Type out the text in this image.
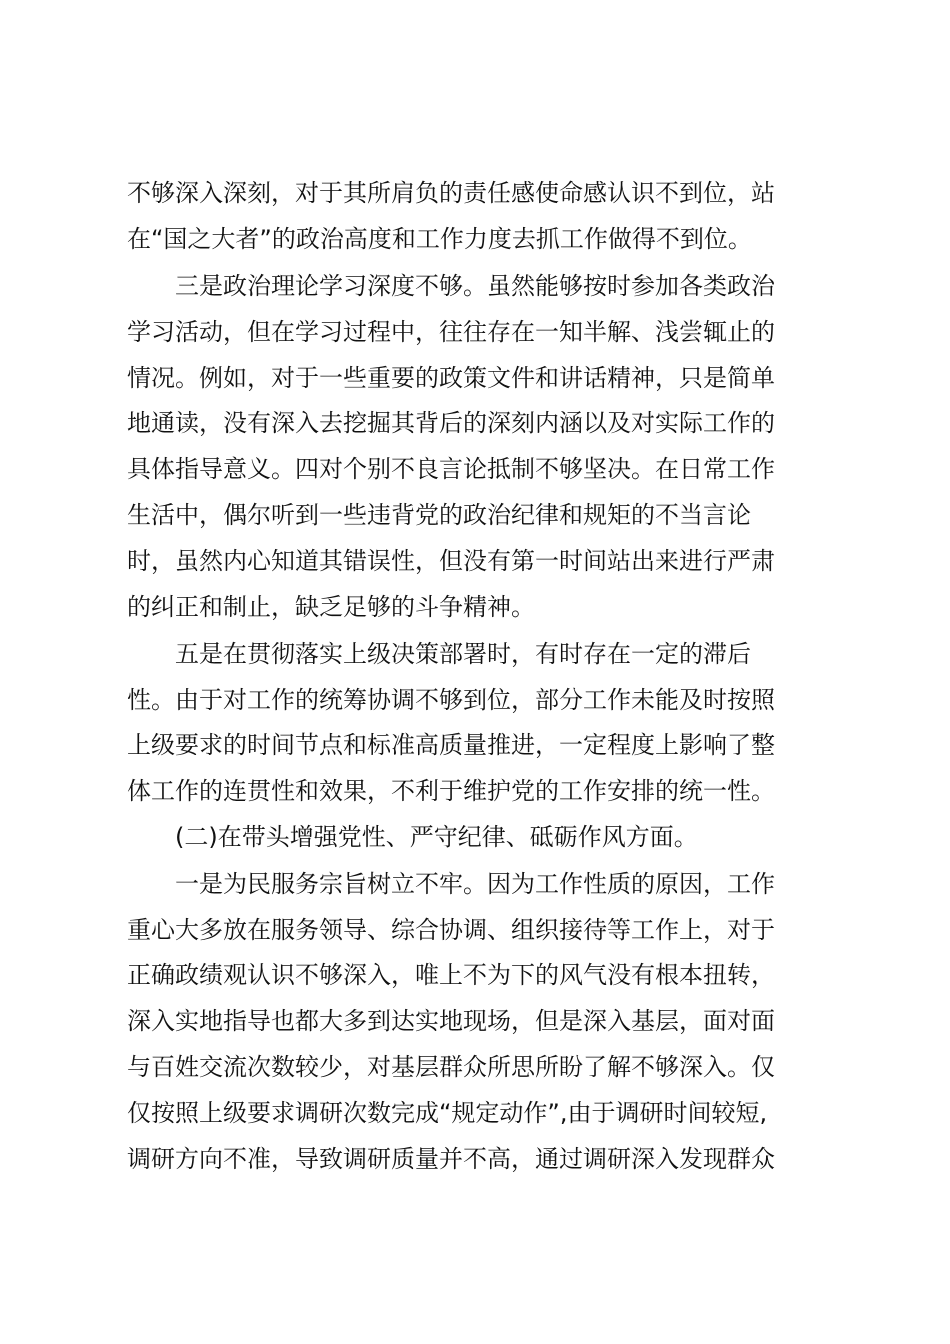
不够深入深刻，对于其所肩负的责任感使命感认识不到位，站
在“国之大者”的政治高度和工作力度去抓工作做得不到位。
三是政治理论学习深度不够。虽然能够按时参加各类政治
学习活动，但在学习过程中，往往存在一知半解、浅尝辄止的
情况。例如，对于一些重要的政策文件和讲话精神，只是简单
地通读，没有深入去挖掘其背后的深刻内涵以及对实际工作的
具体指导意义。四对个别不良言论抵制不够坚决。在日常工作
生活中，偶尔听到一些违背党的政治纪律和规矩的不当言论
时，虽然内心知道其错误性，但没有第一时间站出来进行严肃
的纠正和制止，缺乏足够的斗争精神。
五是在贯彻落实上级决策部署时，有时存在一定的滞后
性。由于对工作的统筹协调不够到位，部分工作未能及时按照
上级要求的时间节点和标准高质量推进，一定程度上影响了整
体工作的连贯性和效果，不利于维护党的工作安排的统一性。
(二)在带头增强党性、严守纪律、砥砺作风方面。
一是为民服务宗旨树立不牢。因为工作性质的原因，工作
重心大多放在服务领导、综合协调、组织接待等工作上，对于
正确政绩观认识不够深入，唯上不为下的风气没有根本扭转，
深入实地指导也都大多到达实地现场，但是深入基层，面对面
与百姓交流次数较少，对基层群众所思所盼了解不够深入。仅
仅按照上级要求调研次数完成“规定动作”,由于调研时间较短,
调研方向不准，导致调研质量并不高，通过调研深入发现群众
